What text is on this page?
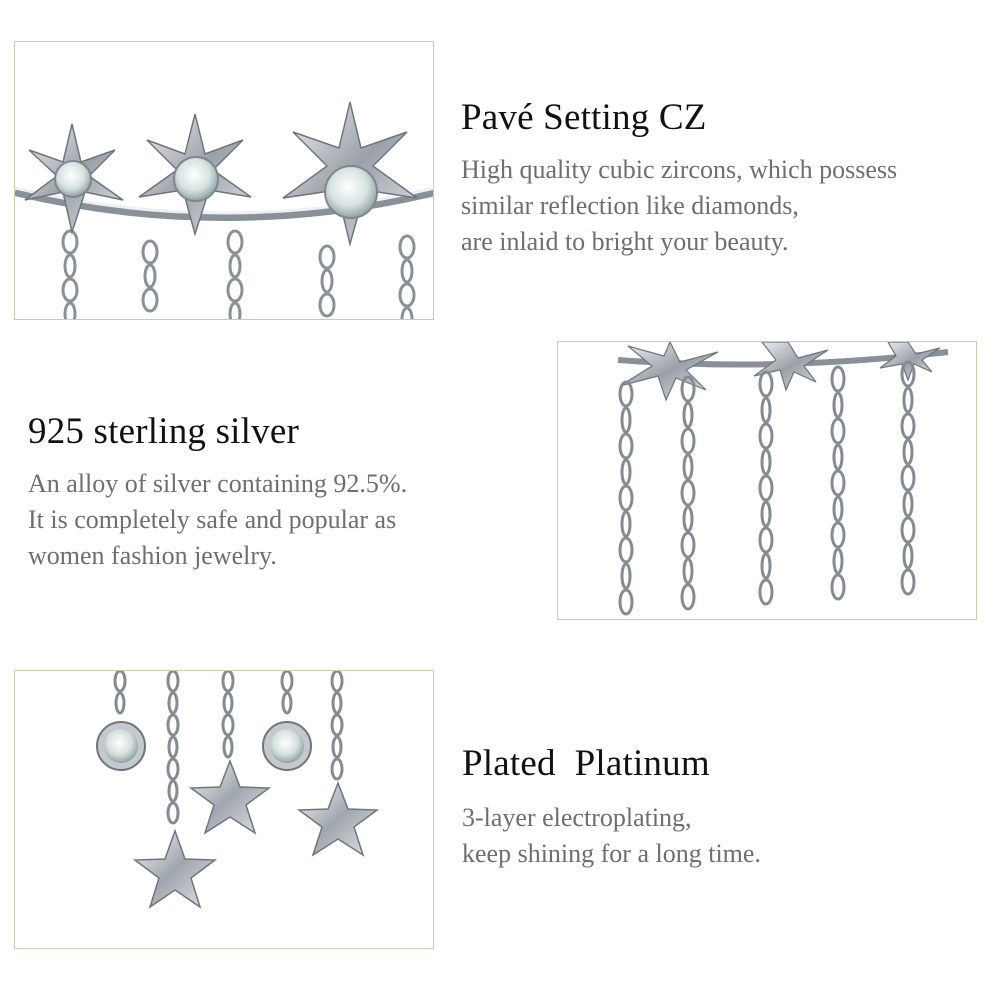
Pavé Setting CZ
High quality cubic zircons, which possess
similar reflection like diamonds,
are inlaid to bright your beauty.
925 sterling silver
An alloy of silver containing 92.5%.
It is completely safe and popular as
women fashion jewelry.
Plated  Platinum
3-layer electroplating,
keep shining for a long time.
